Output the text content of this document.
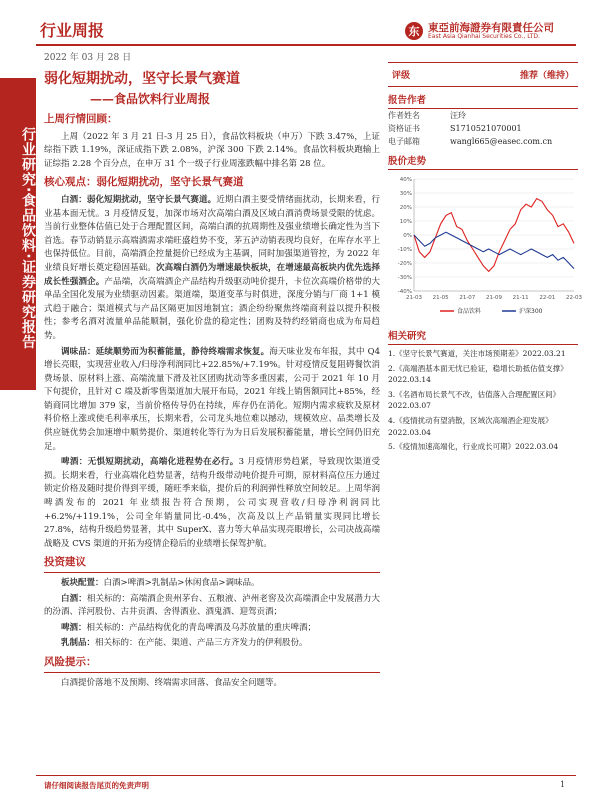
行业研究·食品饮料·证券研究报告
行业周报	东 東亞前海證券有限責任公司
East Asia Qianhai Securities Co., LTD.
2022 年 03 月 28 日
弱化短期扰动，坚守长景气赛道
——食品饮料行业周报
上周行情回顾：

上周（2022 年 3 月 21 日-3 月 25 日），食品饮料板块（申万）下跌 3.47%，上证综指下跌 1.19%，深证成指下跌 2.08%，沪深 300 下跌 2.14%。食品饮料板块跑输上证综指 2.28 个百分点，在申万 31 个一级子行业周涨跌幅中排名第 28 位。

核心观点：弱化短期扰动，坚守长景气赛道

白酒：弱化短期扰动，坚守长景气赛道。近期白酒主要受情绪面扰动，长期来看，行业基本面无忧。3 月疫情反复，加深市场对次高端白酒及区域白酒消费场景受限的忧虑。当前行业整体估值已处于合理配置区间，高端白酒的抗周期性及强业绩增长确定性为当下首选。春节动销显示高端酒需求端旺盛趋势不变，茅五泸动销表现均良好，在库存水平上也保持低位。目前，高端酒企控量挺价已经成为主基调，同时加强渠道管控，为 2022 年业绩良好增长奠定稳固基础。次高端白酒仍为增速最快板块，在增速最高板块内优先选择成长性强酒企。产品端，次高端酒企产品结构升级驱动吨价提升，卡位次高端价格带的大单品全国化发展为业绩驱动因素。渠道端，渠道变革与时俱进，深度分销与厂商 1+1 模式趋于融合；渠道模式与产品区隔更加因地制宜；酒企纷纷聚焦终端商利益以提升积极性；参考名酒对流量单品能顺制，强化价盘的稳定性；团购及特约经销商也成为布局趋势。

调味品：延续顺势而为积蓄能量，静待终端需求恢复。海天味业发布年报，其中 Q4 增长亮眼，实现营业收入/归母净利润同比+22.85%/+7.19%。针对疫情反复阻碍餐饮消费场景、原材料上涨、高端流量下滑及社区团购扰动等多重因素，公司于 2021 年 10 月下旬提价，且针对 C 端及新零售渠道加大展开布局，2021 年线上销售额同比+85%，经销商同比增加 379 家，当前价格传导仍在持续，库存仍在消化。短期内需求疲软及原材料价格上涨或使毛利率承压，长期来看，公司龙头地位难以撼动，规模效应、品类增长及供应链优势会加速增中顺势提价、渠道转化等行为为日后发展积蓄能量，增长空间仍旧充足。

啤酒：无惧短期扰动，高端化进程势在必行。3 月疫情形势趋紧，导致现饮渠道受损。长期来看，行业高端化趋势显著，结构升级带动吨价提升可期，原材料高位压力通过锁定价格及随时提价得到平缓，随旺季来临，提价后的利润弹性释放空间较足。上周华润啤酒发布的 2021 年业绩报告符合预期，公司实现营收/归母净利润同比+6.2%/+119.1%，公司全年销量同比-0.4%，次高及以上产品销量实现同比增长 27.8%，结构升级趋势显著，其中 SuperX、喜力等大单品实现亮眼增长，公司决战高端战略及 CVS 渠道的开拓为疫情企稳后的业绩增长保驾护航。

投资建议

板块配置：白酒>啤酒>乳制品>休闲食品>调味品。

白酒：相关标的：高端酒企贵州茅台、五粮液、泸州老窖及次高端酒企中发展潜力大的汾酒、洋河股份、古井贡酒、舍得酒业、酒鬼酒、迎驾贡酒；

啤酒：相关标的：产品结构优化的青岛啤酒及乌苏放量的重庆啤酒；

乳制品：相关标的：在产能、渠道、产品三方齐发力的伊利股份。

风险提示：

白酒提价落地不及预期、终端需求回落、食品安全问题等。

评级	推荐（维持）
报告作者
作者姓名	汪玲
资格证书	S1710521070001
电子邮箱	wangl665@easec.com.cn
股价走势
40%
30%
20%
10%
0%
-10%
-20%
-30%
-40%
21-03 21-05 21-07 21-09 21-11 22-01 22-03
食品饮料	沪深300
相关研究

1.《坚守长景气赛道，关注市场预期差》2022.03.21

2.《高端酒基本面无忧已验证，稳增长助抵估值支撑》2022.03.14

3.《名酒布局长景气不改，估值落入合理配置区间》2022.03.07

4.《疫情扰动有望消散，区域次高端酒企迎发展》2022.03.04

5.《疫情加速高端化，行业成长可期》2022.03.04

请仔细阅读报告尾页的免责声明	1
